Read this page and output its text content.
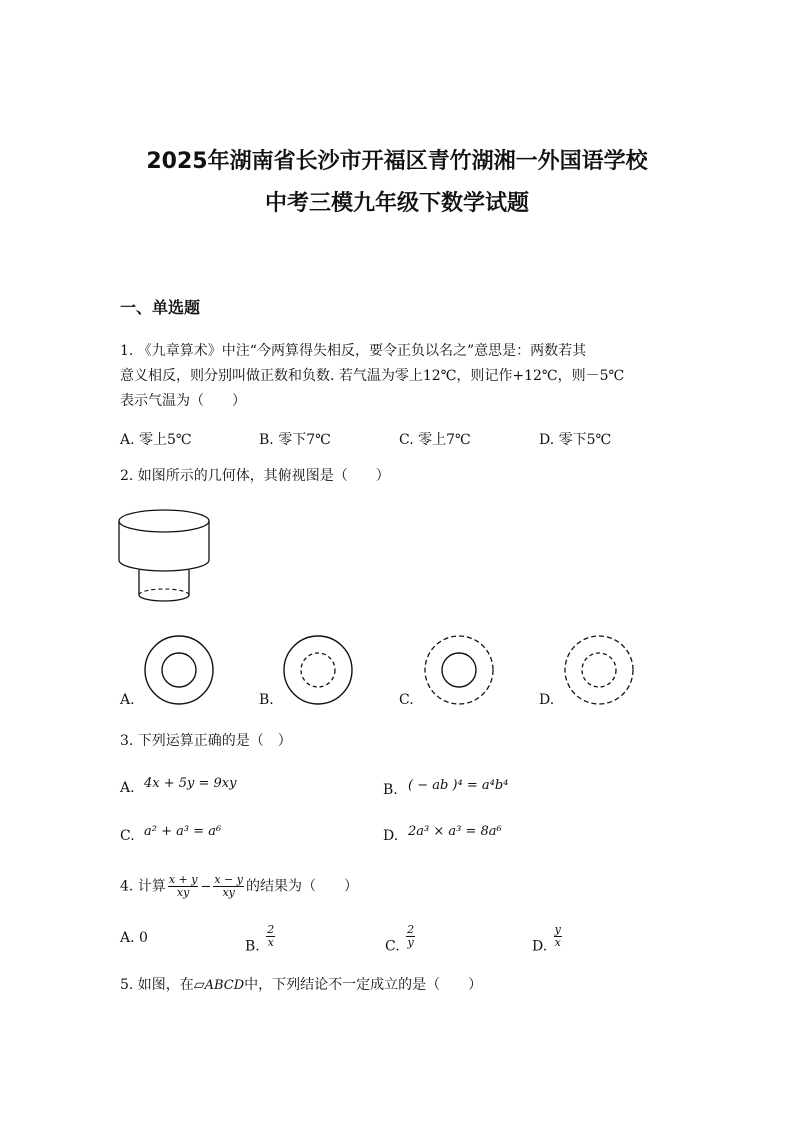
2025年湖南省长沙市开福区青竹湖湘一外国语学校
中考三模九年级下数学试题
一、单选题
1. 《九章算术》中注“今两算得失相反，要令正负以名之”意思是：两数若其
意义相反，则分别叫做正数和负数. 若气温为零上12℃，则记作+12℃，则－5℃
表示气温为（　　）
A. 零上5℃	B. 零下7℃	C. 零上7℃	D. 零下5℃
2. 如图所示的几何体，其俯视图是（　　）
A.	B.	C.	D.
3. 下列运算正确的是（　）
A. 4x + 5y = 9xy	B. ( − ab )⁴ = a⁴b⁴
C. a² + a³ = a⁶	D. 2a³ × a³ = 8a⁶
4. 计算 $\frac{x + y}{xy} - \frac{x - y}{xy}$ 的结果为（　　）
A. 0
B. $\frac{2}{x}$	C. $\frac{2}{y}$	D. $\frac{y}{x}$
5. 如图，在▱ABCD中，下列结论不一定成立的是（　　）
